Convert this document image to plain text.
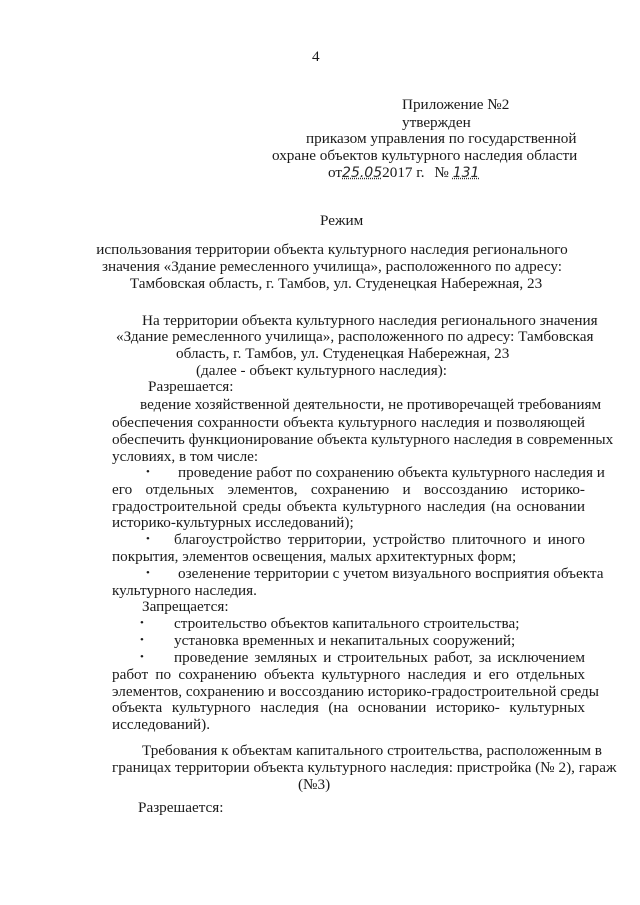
4
Приложение №2
утвержден
приказом управления по государственной
охране объектов культурного наследия области
от25.052017 г. № 131
Режим
использования территории объекта культурного наследия регионального
значения «Здание ремесленного училища», расположенного по адресу:
Тамбовская область, г. Тамбов, ул. Студенецкая Набережная, 23
На территории объекта культурного наследия регионального значения
«Здание ремесленного училища», расположенного по адресу: Тамбовская
область, г. Тамбов, ул. Студенецкая Набережная, 23
(далее - объект культурного наследия):
Разрешается:
ведение хозяйственной деятельности, не противоречащей требованиям
обеспечения сохранности объекта культурного наследия и позволяющей
обеспечить функционирование объекта культурного наследия в современных
условиях, в том числе:
• проведение работ по сохранению объекта культурного наследия и
его отдельных элементов, сохранению и воссозданию историко-
градостроительной среды объекта культурного наследия (на основании
историко-культурных исследований);
• благоустройство территории, устройство плиточного и иного
покрытия, элементов освещения, малых архитектурных форм;
• озеленение территории с учетом визуального восприятия объекта
культурного наследия.
Запрещается:
• строительство объектов капитального строительства;
• установка временных и некапитальных сооружений;
• проведение земляных и строительных работ, за исключением
работ по сохранению объекта культурного наследия и его отдельных
элементов, сохранению и воссозданию историко-градостроительной среды
объекта культурного наследия (на основании историко- культурных
исследований).
Требования к объектам капитального строительства, расположенным в
границах территории объекта культурного наследия: пристройка (№ 2), гараж
(№3)
Разрешается:
